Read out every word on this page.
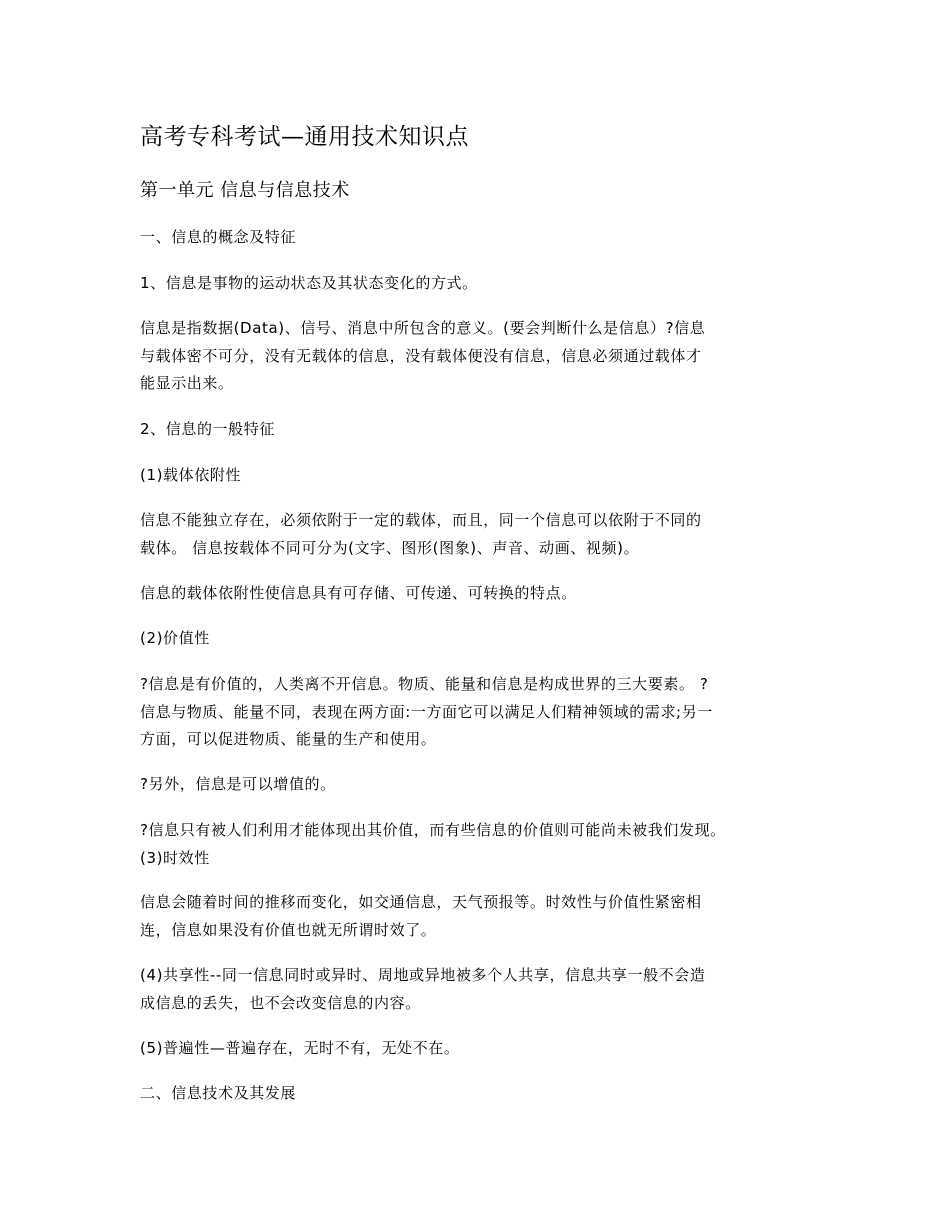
高考专科考试—通用技术知识点
第一单元 信息与信息技术
一、信息的概念及特征
1、信息是事物的运动状态及其状态变化的方式。
信息是指数据(Data)、信号、消息中所包含的意义。(要会判断什么是信息）?信息
与载体密不可分，没有无载体的信息，没有载体便没有信息，信息必须通过载体才
能显示出来。
2、信息的一般特征
(1)载体依附性
信息不能独立存在，必须依附于一定的载体，而且，同一个信息可以依附于不同的
载体。 信息按载体不同可分为(文字、图形(图象)、声音、动画、视频)。
信息的载体依附性使信息具有可存储、可传递、可转换的特点。
(2)价值性
?信息是有价值的，人类离不开信息。物质、能量和信息是构成世界的三大要素。 ?
信息与物质、能量不同，表现在两方面:一方面它可以满足人们精神领域的需求;另一
方面，可以促进物质、能量的生产和使用。
?另外，信息是可以增值的。
?信息只有被人们利用才能体现出其价值，而有些信息的价值则可能尚未被我们发现。
(3)时效性
信息会随着时间的推移而变化，如交通信息，天气预报等。时效性与价值性紧密相
连，信息如果没有价值也就无所谓时效了。
(4)共享性--同一信息同时或异时、周地或异地被多个人共享，信息共享一般不会造
成信息的丢失，也不会改变信息的内容。
(5)普遍性—普遍存在，无时不有，无处不在。
二、信息技术及其发展
